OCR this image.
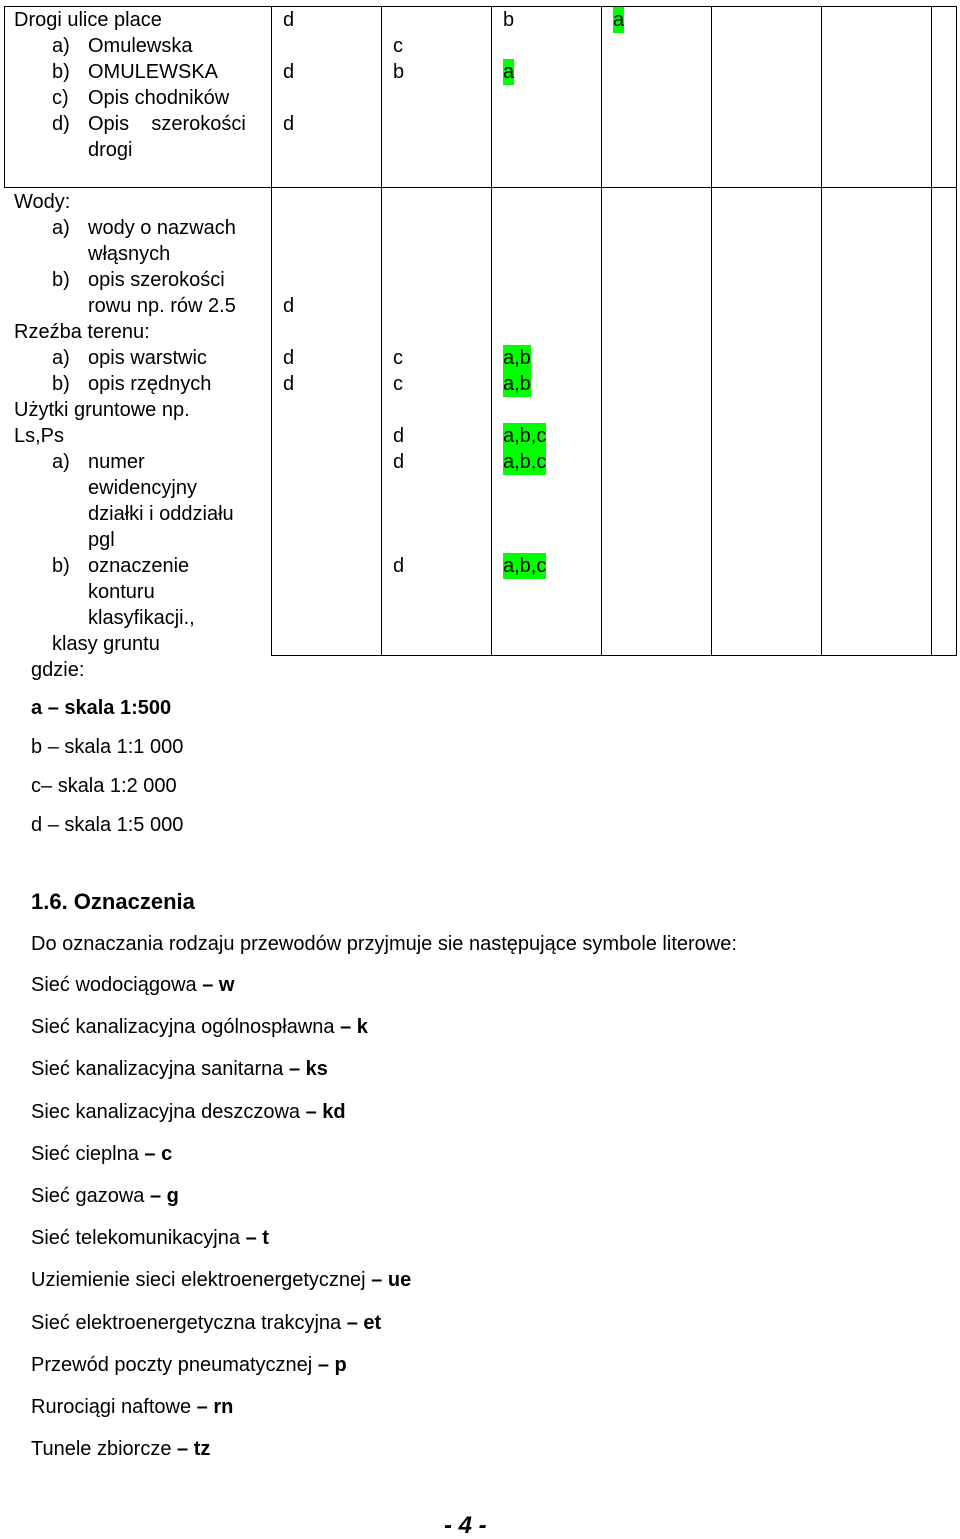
Drogi ulice place
a) Omulewska
b) OMULEWSKA
c) Opis chodników
d) Opis    szerokości
drogi
d
d
d
c
b
b
a
a
Wody:
a) wody o nazwach
włąsnych
b) opis szerokości
rowu np. rów 2.5 d
Rzeźba terenu:
a) opis warstwic
b) opis rzędnych
d
d
c
c
a,b
a,b
Użytki gruntowe np.
Ls,Ps
a) numer
ewidencyjny
działki i oddziału
pgl
b) oznaczenie
konturu
klasyfikacji.,
klasy gruntu
d
d
d
a,b,c
a,b,c
a,b,c
gdzie:
a – skala 1:500
b – skala 1:1 000
c– skala 1:2 000
d – skala 1:5 000
1.6. Oznaczenia
Do oznaczania rodzaju przewodów przyjmuje sie następujące symbole literowe:
Sieć wodociągowa – w
Sieć kanalizacyjna ogólnospławna – k
Sieć kanalizacyjna sanitarna – ks
Siec kanalizacyjna deszczowa – kd
Sieć cieplna – c
Sieć gazowa – g
Sieć telekomunikacyjna – t
Uziemienie sieci elektroenergetycznej – ue
Sieć elektroenergetyczna trakcyjna – et
Przewód poczty pneumatycznej – p
Rurociągi naftowe – rn
Tunele zbiorcze – tz
- 4 -
